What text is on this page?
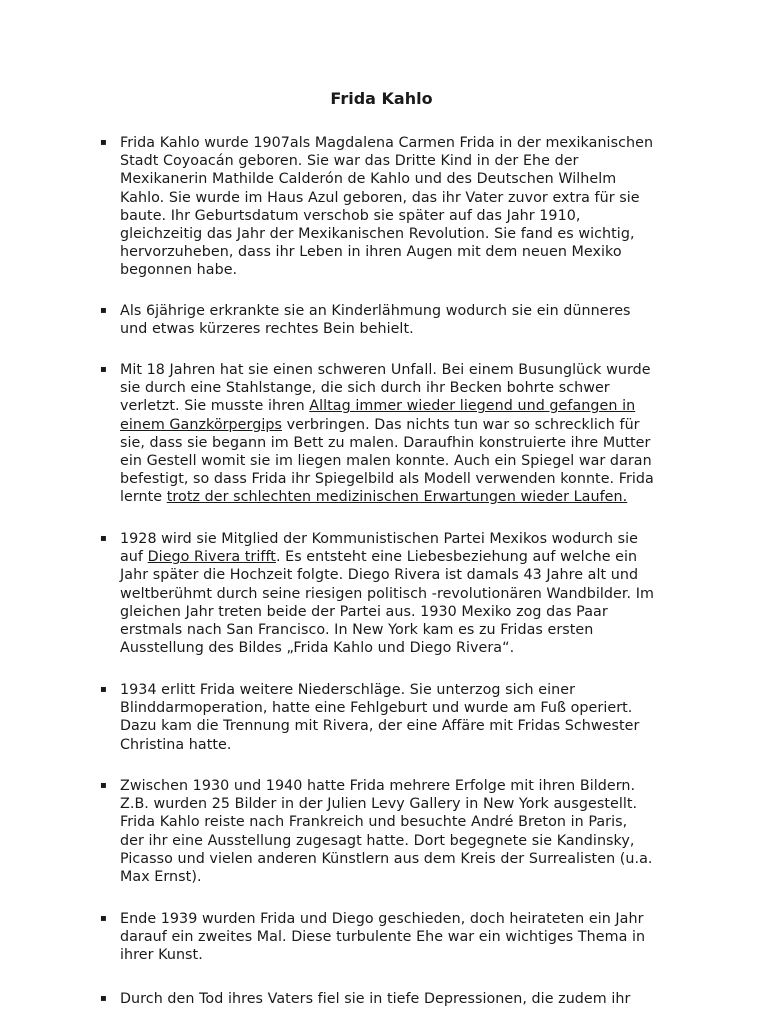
Frida Kahlo
▪ Frida Kahlo wurde 1907als Magdalena Carmen Frida in der mexikanischen
Stadt Coyoacán geboren. Sie war das Dritte Kind in der Ehe der
Mexikanerin Mathilde Calderón de Kahlo und des Deutschen Wilhelm
Kahlo. Sie wurde im Haus Azul geboren, das ihr Vater zuvor extra für sie
baute. Ihr Geburtsdatum verschob sie später auf das Jahr 1910,
gleichzeitig das Jahr der Mexikanischen Revolution. Sie fand es wichtig,
hervorzuheben, dass ihr Leben in ihren Augen mit dem neuen Mexiko
begonnen habe.

▪ Als 6jährige erkrankte sie an Kinderlähmung wodurch sie ein dünneres
und etwas kürzeres rechtes Bein behielt.

▪ Mit 18 Jahren hat sie einen schweren Unfall. Bei einem Busunglück wurde
sie durch eine Stahlstange, die sich durch ihr Becken bohrte schwer
verletzt. Sie musste ihren Alltag immer wieder liegend und gefangen in
einem Ganzkörpergips verbringen. Das nichts tun war so schrecklich für
sie, dass sie begann im Bett zu malen. Daraufhin konstruierte ihre Mutter
ein Gestell womit sie im liegen malen konnte. Auch ein Spiegel war daran
befestigt, so dass Frida ihr Spiegelbild als Modell verwenden konnte. Frida
lernte trotz der schlechten medizinischen Erwartungen wieder Laufen.

▪ 1928 wird sie Mitglied der Kommunistischen Partei Mexikos wodurch sie
auf Diego Rivera trifft. Es entsteht eine Liebesbeziehung auf welche ein
Jahr später die Hochzeit folgte. Diego Rivera ist damals 43 Jahre alt und
weltberühmt durch seine riesigen politisch -revolutionären Wandbilder. Im
gleichen Jahr treten beide der Partei aus. 1930 Mexiko zog das Paar
erstmals nach San Francisco. In New York kam es zu Fridas ersten
Ausstellung des Bildes „Frida Kahlo und Diego Rivera“.

▪ 1934 erlitt Frida weitere Niederschläge. Sie unterzog sich einer
Blinddarmoperation, hatte eine Fehlgeburt und wurde am Fuß operiert.
Dazu kam die Trennung mit Rivera, der eine Affäre mit Fridas Schwester
Christina hatte.

▪ Zwischen 1930 und 1940 hatte Frida mehrere Erfolge mit ihren Bildern.
Z.B. wurden 25 Bilder in der Julien Levy Gallery in New York ausgestellt.
Frida Kahlo reiste nach Frankreich und besuchte André Breton in Paris,
der ihr eine Ausstellung zugesagt hatte. Dort begegnete sie Kandinsky,
Picasso und vielen anderen Künstlern aus dem Kreis der Surrealisten (u.a.
Max Ernst).

▪ Ende 1939 wurden Frida und Diego geschieden, doch heirateten ein Jahr
darauf ein zweites Mal. Diese turbulente Ehe war ein wichtiges Thema in
ihrer Kunst.

▪ Durch den Tod ihres Vaters fiel sie in tiefe Depressionen, die zudem ihr
